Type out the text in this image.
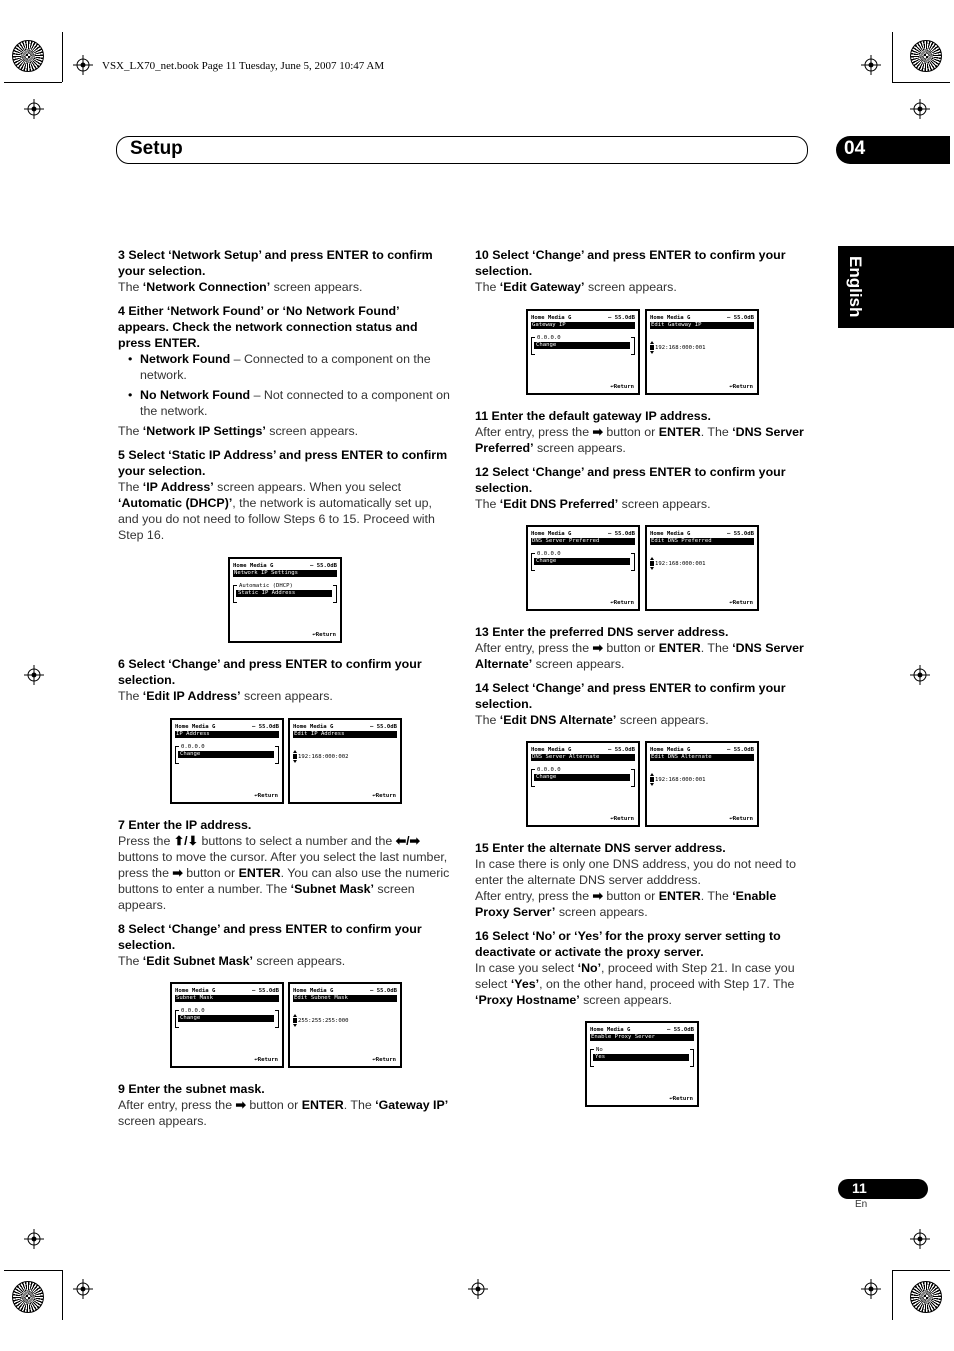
VSX_LX70_net.book Page 11 Tuesday, June 5, 2007 10:47 AM
Setup	04
English

3 Select ‘Network Setup’ and press ENTER to confirm your selection.

The ‘Network Connection’ screen appears.

4 Either ‘Network Found’ or ‘No Network Found’ appears. Check the network connection status and press ENTER.

• Network Found – Connected to a component on the network.

• No Network Found – Not connected to a component on the network.

The ‘Network IP Settings’ screen appears.

5 Select ‘Static IP Address’ and press ENTER to confirm your selection.

The ‘IP Address’ screen appears. When you select ‘Automatic (DHCP)’, the network is automatically set up, and you do not need to follow Steps 6 to 15. Proceed with Step 16.

6 Select ‘Change’ and press ENTER to confirm your selection.

The ‘Edit IP Address’ screen appears.

7 Enter the IP address.

Press the ⬆/⬇ buttons to select a number and the ⬅/➡ buttons to move the cursor. After you select the last number, press the ➡ button or ENTER. You can also use the numeric buttons to enter a number. The ‘Subnet Mask’ screen appears.

8 Select ‘Change’ and press ENTER to confirm your selection.

The ‘Edit Subnet Mask’ screen appears.

9 Enter the subnet mask.

After entry, press the ➡ button or ENTER. The ‘Gateway IP’ screen appears.

10 Select ‘Change’ and press ENTER to confirm your selection.

The ‘Edit Gateway’ screen appears.

11 Enter the default gateway IP address.

After entry, press the ➡ button or ENTER. The ‘DNS Server Preferred’ screen appears.

12 Select ‘Change’ and press ENTER to confirm your selection.

The ‘Edit DNS Preferred’ screen appears.

13 Enter the preferred DNS server address.

After entry, press the ➡ button or ENTER. The ‘DNS Server Alternate’ screen appears.

14 Select ‘Change’ and press ENTER to confirm your selection.

The ‘Edit DNS Alternate’ screen appears.

15 Enter the alternate DNS server address.

In case there is only one DNS address, you do not need to enter the alternate DNS server adddress.

After entry, press the ➡ button or ENTER. The ‘Enable Proxy Server’ screen appears.

16 Select ‘No’ or ‘Yes’ for the proxy server setting to deactivate or activate the proxy server.

In case you select ‘No’, proceed with Step 21. In case you select ‘Yes’, on the other hand, proceed with Step 17. The ‘Proxy Hostname’ screen appears.

Home Media G	– 55.0dB
Network IP Settings
Automatic (DHCP)
Static IP Address
↩Return
Home Media G	– 55.0dB
IP Address
0.0.0.0
Change
↩Return
Home Media G	– 55.0dB
Edit IP Address
192:168:000:002
↩Return
Home Media G	– 55.0dB
Subnet Mask
0.0.0.0
Change
↩Return
Home Media G	– 55.0dB
Edit Subnet Mask
255:255:255:000
↩Return
Home Media G	– 55.0dB
Gateway IP
0.0.0.0
Change
↩Return
Home Media G	– 55.0dB
Edit Gateway IP
192:168:000:001
↩Return
Home Media G	– 55.0dB
DNS Server Preferred
0.0.0.0
Change
↩Return
Home Media G	– 55.0dB
Edit DNS Preferred
192:168:000:001
↩Return
Home Media G	– 55.0dB
DNS Server Alternate
0.0.0.0
Change
↩Return
Home Media G	– 55.0dB
Edit DNS Alternate
192:168:000:001
↩Return
Home Media G	– 55.0dB
Enable Proxy Server
No
Yes
↩Return
11
En
